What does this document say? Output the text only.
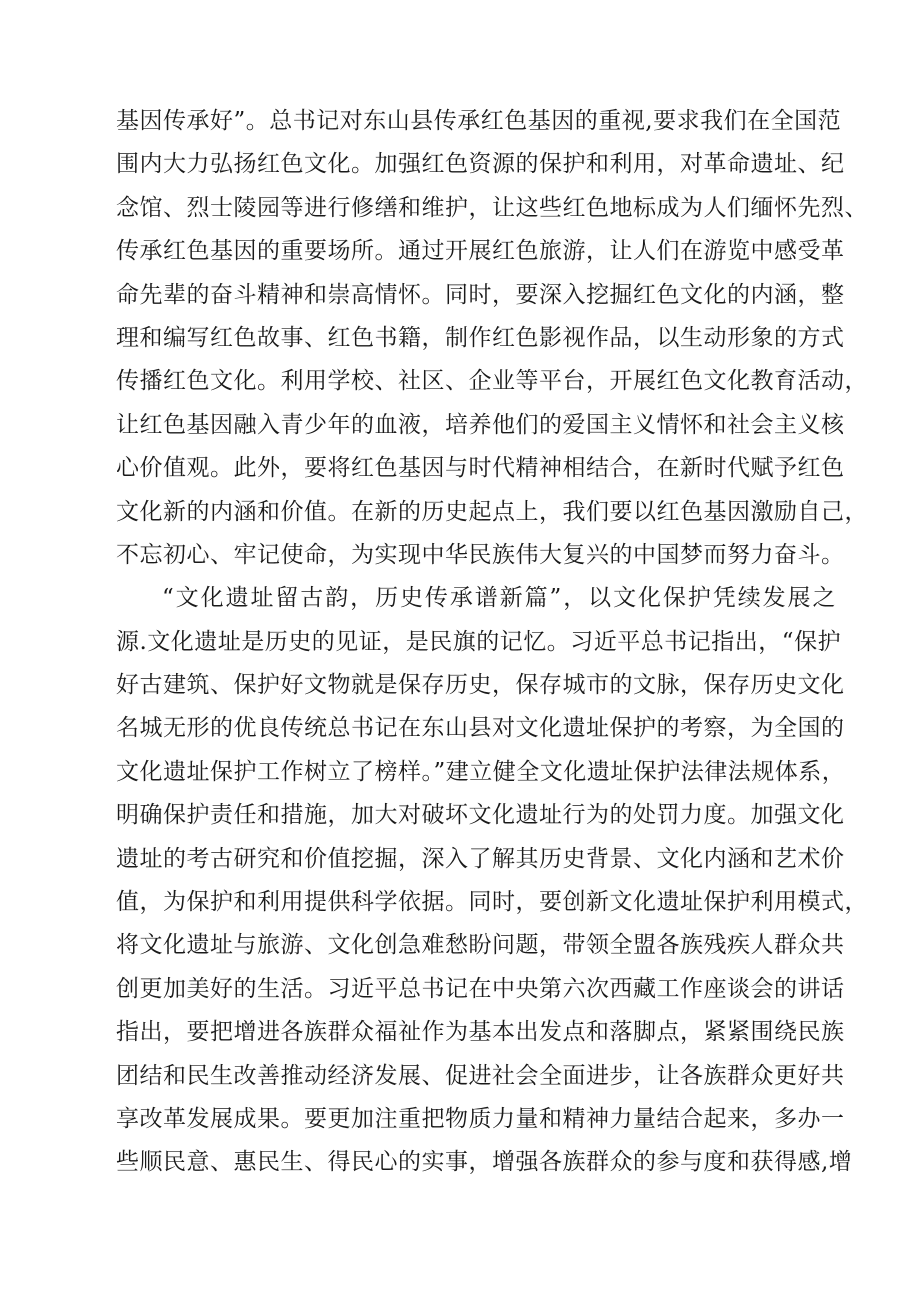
基因传承好”。总书记对东山县传承红色基因的重视,要求我们在全国范
围内大力弘扬红色文化。加强红色资源的保护和利用，对革命遗址、纪
念馆、烈士陵园等进行修缮和维护，让这些红色地标成为人们缅怀先烈、
传承红色基因的重要场所。通过开展红色旅游，让人们在游览中感受革
命先辈的奋斗精神和崇高情怀。同时，要深入挖掘红色文化的内涵，整
理和编写红色故事、红色书籍，制作红色影视作品，以生动形象的方式
传播红色文化。利用学校、社区、企业等平台，开展红色文化教育活动，
让红色基因融入青少年的血液，培养他们的爱国主义情怀和社会主义核
心价值观。此外，要将红色基因与时代精神相结合，在新时代赋予红色
文化新的内涵和价值。在新的历史起点上，我们要以红色基因激励自己，
不忘初心、牢记使命，为实现中华民族伟大复兴的中国梦而努力奋斗。
“文化遗址留古韵，历史传承谱新篇”，以文化保护凭续发展之
源.文化遗址是历史的见证，是民旗的记忆。习近平总书记指出，“保护
好古建筑、保护好文物就是保存历史，保存城市的文脉，保存历史文化
名城无形的优良传统总书记在东山县对文化遗址保护的考察，为全国的
文化遗址保护工作树立了榜样。”建立健全文化遗址保护法律法规体系，
明确保护责任和措施，加大对破坏文化遗址行为的处罚力度。加强文化
遗址的考古研究和价值挖掘，深入了解其历史背景、文化内涵和艺术价
值，为保护和利用提供科学依据。同时，要创新文化遗址保护利用模式，
将文化遗址与旅游、文化创急难愁盼问题，带领全盟各族残疾人群众共
创更加美好的生活。习近平总书记在中央第六次西藏工作座谈会的讲话
指出，要把增进各族群众福祉作为基本出发点和落脚点，紧紧围绕民族
团结和民生改善推动经济发展、促进社会全面进步，让各族群众更好共
享改革发展成果。要更加注重把物质力量和精神力量结合起来，多办一
些顺民意、惠民生、得民心的实事，增强各族群众的参与度和获得感,增
